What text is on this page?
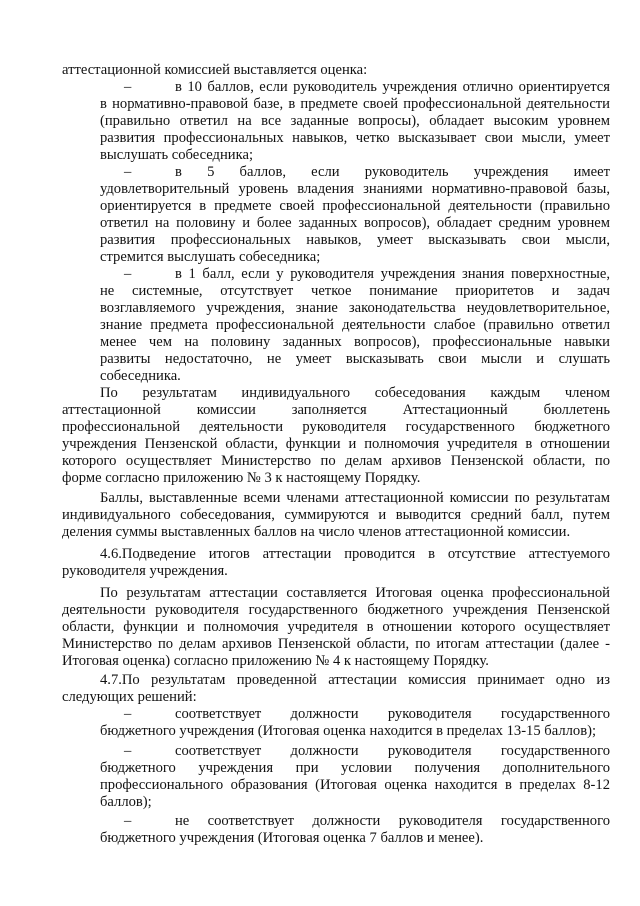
аттестационной комиссией выставляется оценка:
–	в 10 баллов, если руководитель учреждения отлично ориентируется
в нормативно-правовой базе, в предмете своей профессиональной деятельности
(правильно ответил на все заданные вопросы), обладает высоким уровнем
развития профессиональных навыков, четко высказывает свои мысли, умеет
выслушать собеседника;
–	в 5 баллов, если руководитель учреждения имеет
удовлетворительный уровень владения знаниями нормативно-правовой базы,
ориентируется в предмете своей профессиональной деятельности (правильно
ответил на половину и более заданных вопросов), обладает средним уровнем
развития профессиональных навыков, умеет высказывать свои мысли,
стремится выслушать собеседника;
–	в 1 балл, если у руководителя учреждения знания поверхностные,
не системные, отсутствует четкое понимание приоритетов и задач
возглавляемого учреждения, знание законодательства неудовлетворительное,
знание предмета профессиональной деятельности слабое (правильно ответил
менее чем на половину заданных вопросов), профессиональные навыки
развиты недостаточно, не умеет высказывать свои мысли и слушать
собеседника.
По результатам индивидуального собеседования каждым членом
аттестационной комиссии заполняется Аттестационный бюллетень
профессиональной деятельности руководителя государственного бюджетного
учреждения Пензенской области, функции и полномочия учредителя в отношении
которого осуществляет Министерство по делам архивов Пензенской области, по
форме согласно приложению № 3 к настоящему Порядку.
Баллы, выставленные всеми членами аттестационной комиссии по результатам
индивидуального собеседования, суммируются и выводится средний балл, путем
деления суммы выставленных баллов на число членов аттестационной комиссии.
4.6.Подведение итогов аттестации проводится в отсутствие аттестуемого
руководителя учреждения.
По результатам аттестации составляется Итоговая оценка профессиональной
деятельности руководителя государственного бюджетного учреждения Пензенской
области, функции и полномочия учредителя в отношении которого осуществляет
Министерство по делам архивов Пензенской области, по итогам аттестации (далее -
Итоговая оценка) согласно приложению № 4 к настоящему Порядку.
4.7.По результатам проведенной аттестации комиссия принимает одно из
следующих решений:
–	соответствует должности руководителя государственного
бюджетного учреждения (Итоговая оценка находится в пределах 13-15 баллов);
–	соответствует должности руководителя государственного
бюджетного учреждения при условии получения дополнительного
профессионального образования (Итоговая оценка находится в пределах 8-12
баллов);
–	не соответствует должности руководителя государственного
бюджетного учреждения (Итоговая оценка 7 баллов и менее).
